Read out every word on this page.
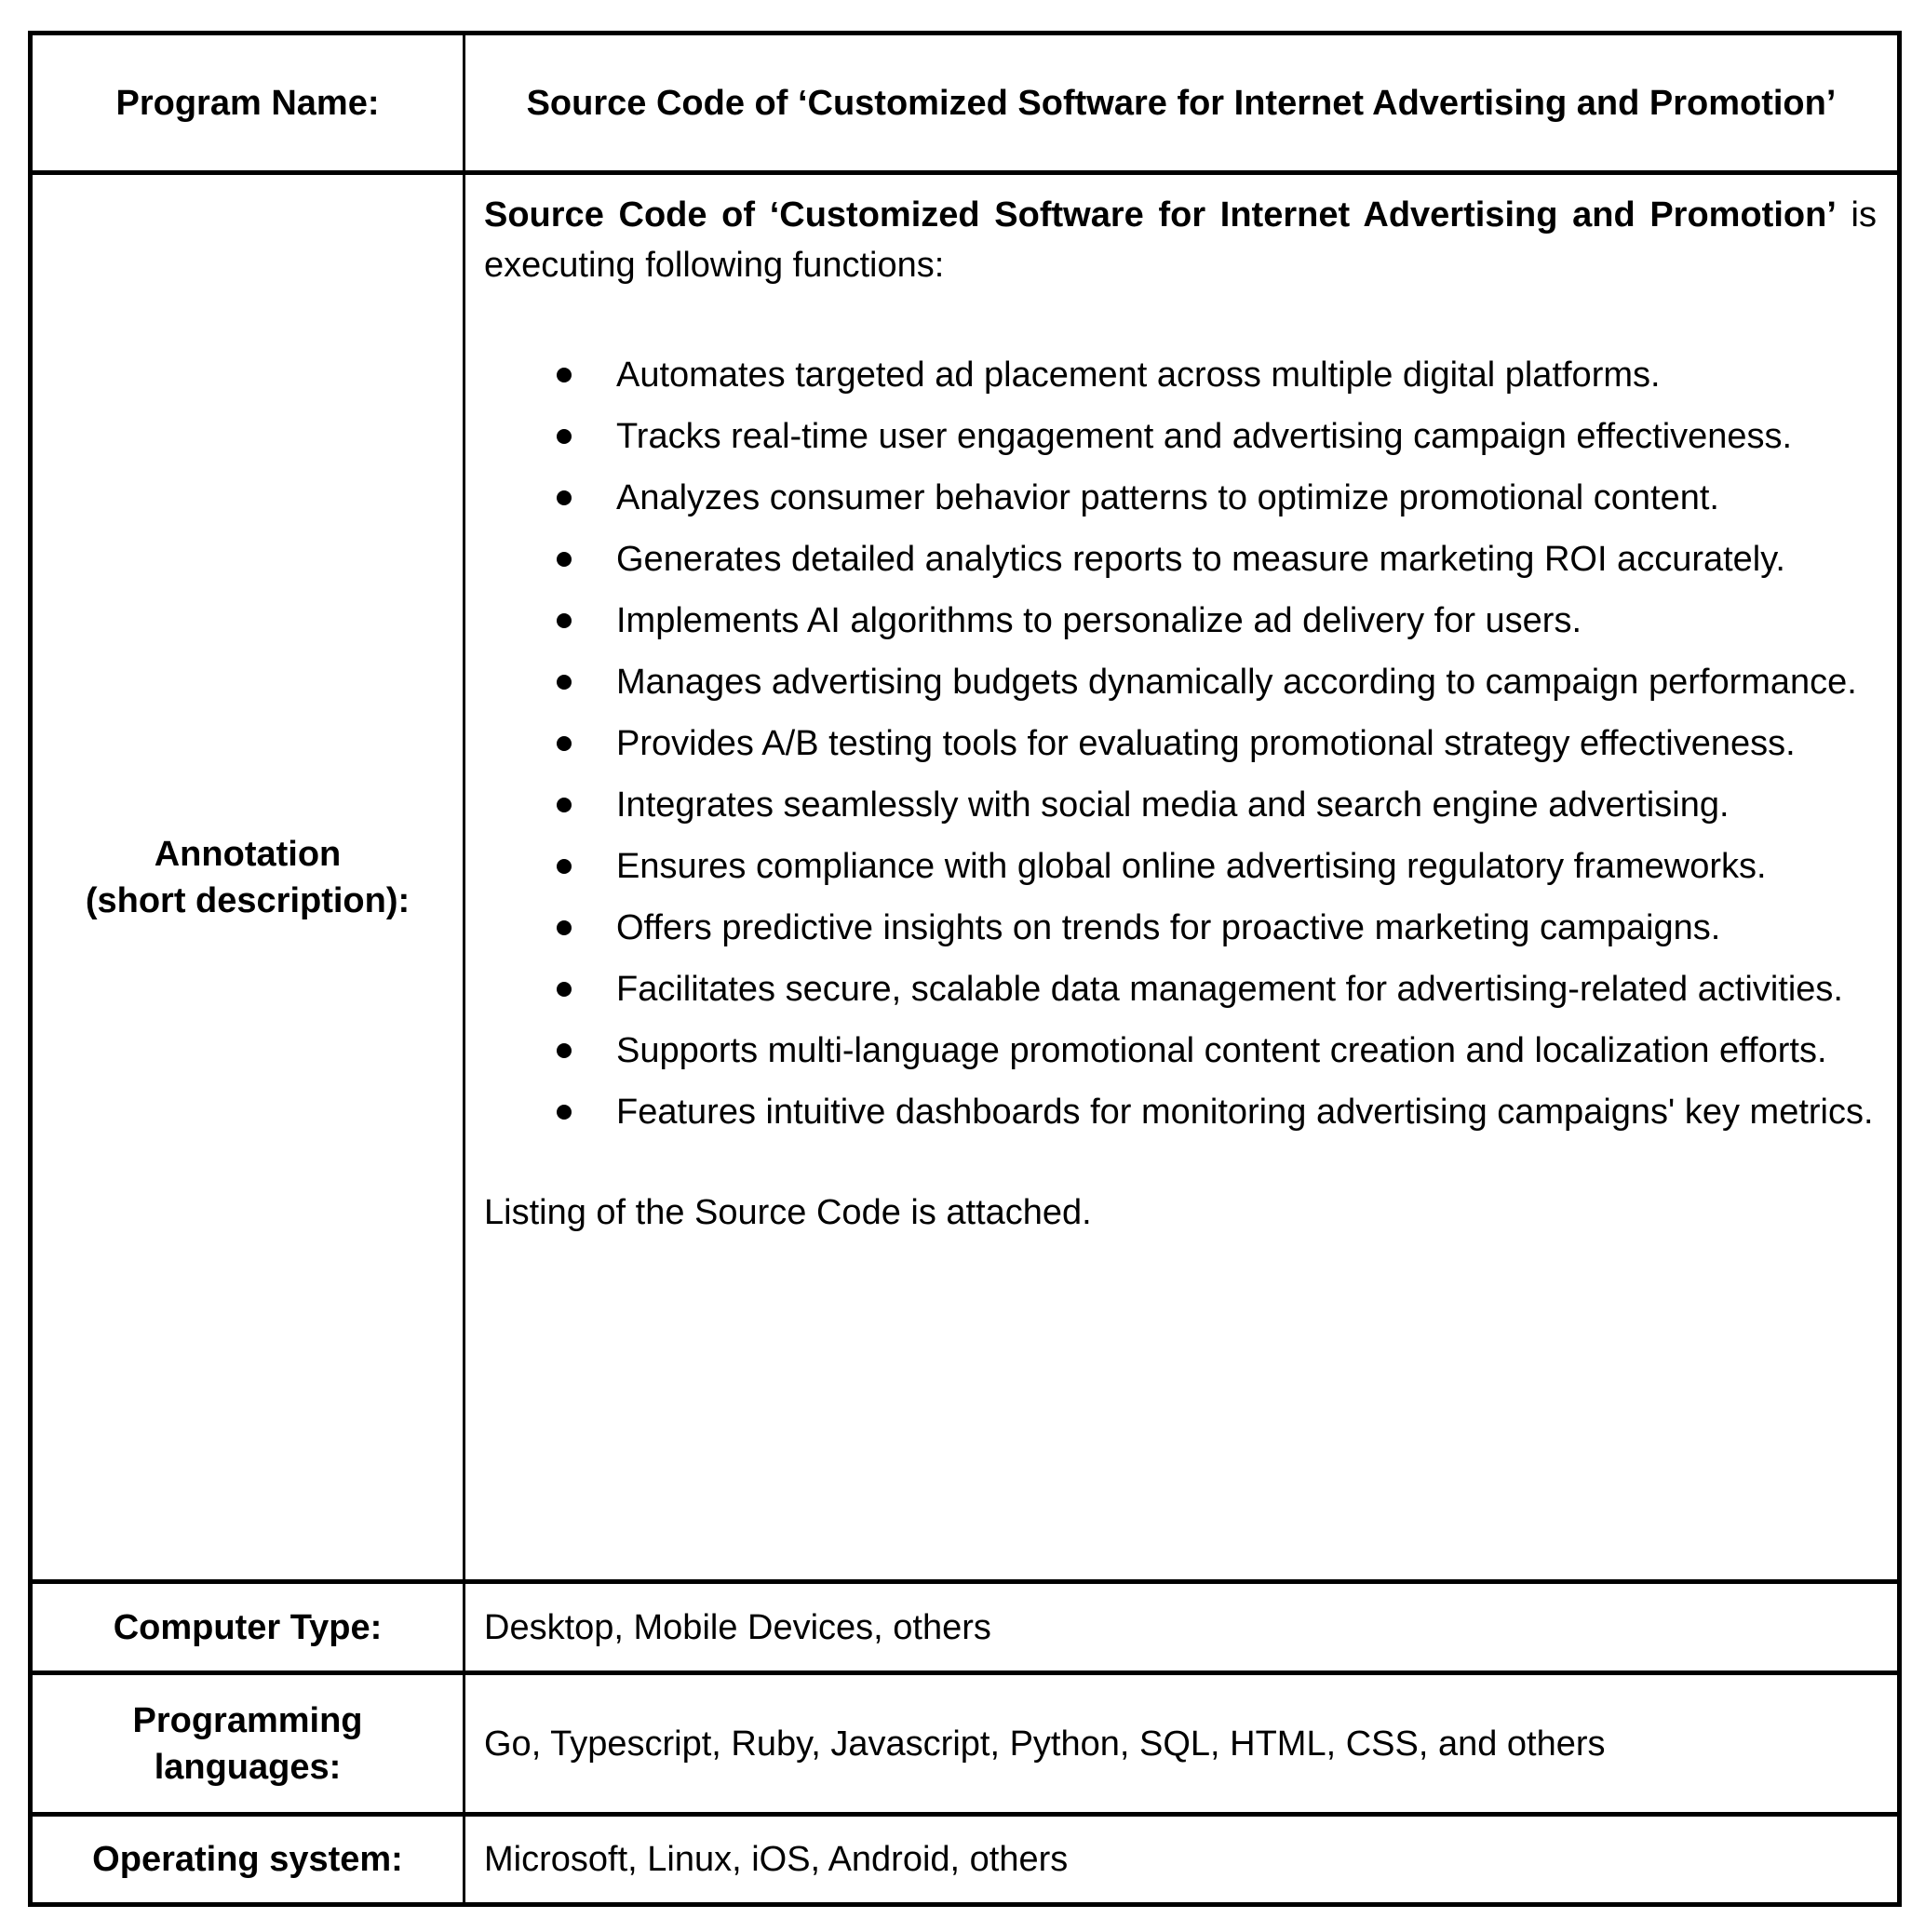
Program Name:	Source Code of ‘Customized Software for Internet Advertising and Promotion’

Annotation
(short description):

Source Code of ‘Customized Software for Internet Advertising and Promotion’ is executing following functions:

Automates targeted ad placement across multiple digital platforms.
Tracks real-time user engagement and advertising campaign effectiveness.
Analyzes consumer behavior patterns to optimize promotional content.
Generates detailed analytics reports to measure marketing ROI accurately.
Implements AI algorithms to personalize ad delivery for users.
Manages advertising budgets dynamically according to campaign performance.
Provides A/B testing tools for evaluating promotional strategy effectiveness.
Integrates seamlessly with social media and search engine advertising.
Ensures compliance with global online advertising regulatory frameworks.
Offers predictive insights on trends for proactive marketing campaigns.
Facilitates secure, scalable data management for advertising-related activities.
Supports multi-language promotional content creation and localization efforts.
Features intuitive dashboards for monitoring advertising campaigns' key metrics.

Listing of the Source Code is attached.

Computer Type:	Desktop, Mobile Devices, others

Programming
languages:	Go, Typescript, Ruby, Javascript, Python, SQL, HTML, CSS, and others

Operating system:	Microsoft, Linux, iOS, Android, others
